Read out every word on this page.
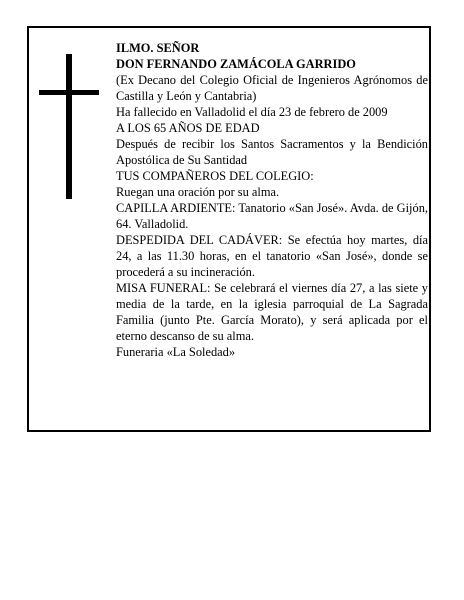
ILMO. SEÑOR
DON FERNANDO ZAMÁCOLA GARRIDO
(Ex Decano del Colegio Oficial de Ingenieros Agrónomos de Castilla y León y Cantabria)
Ha fallecido en Valladolid el día 23 de febrero de 2009
A LOS 65 AÑOS DE EDAD
Después de recibir los Santos Sacramentos y la Bendición Apostólica de Su Santidad
TUS COMPAÑEROS DEL COLEGIO:
Ruegan una oración por su alma.
CAPILLA ARDIENTE: Tanatorio «San José». Avda. de Gijón, 64. Valladolid.
DESPEDIDA DEL CADÁVER: Se efectúa hoy martes, día 24, a las 11.30 horas, en el tanatorio «San José», donde se procederá a su incineración.
MISA FUNERAL: Se celebrará el viernes día 27, a las siete y media de la tarde, en la iglesia parroquial de La Sagrada Familia (junto Pte. García Morato), y será aplicada por el eterno descanso de su alma.
Funeraria «La Soledad»
